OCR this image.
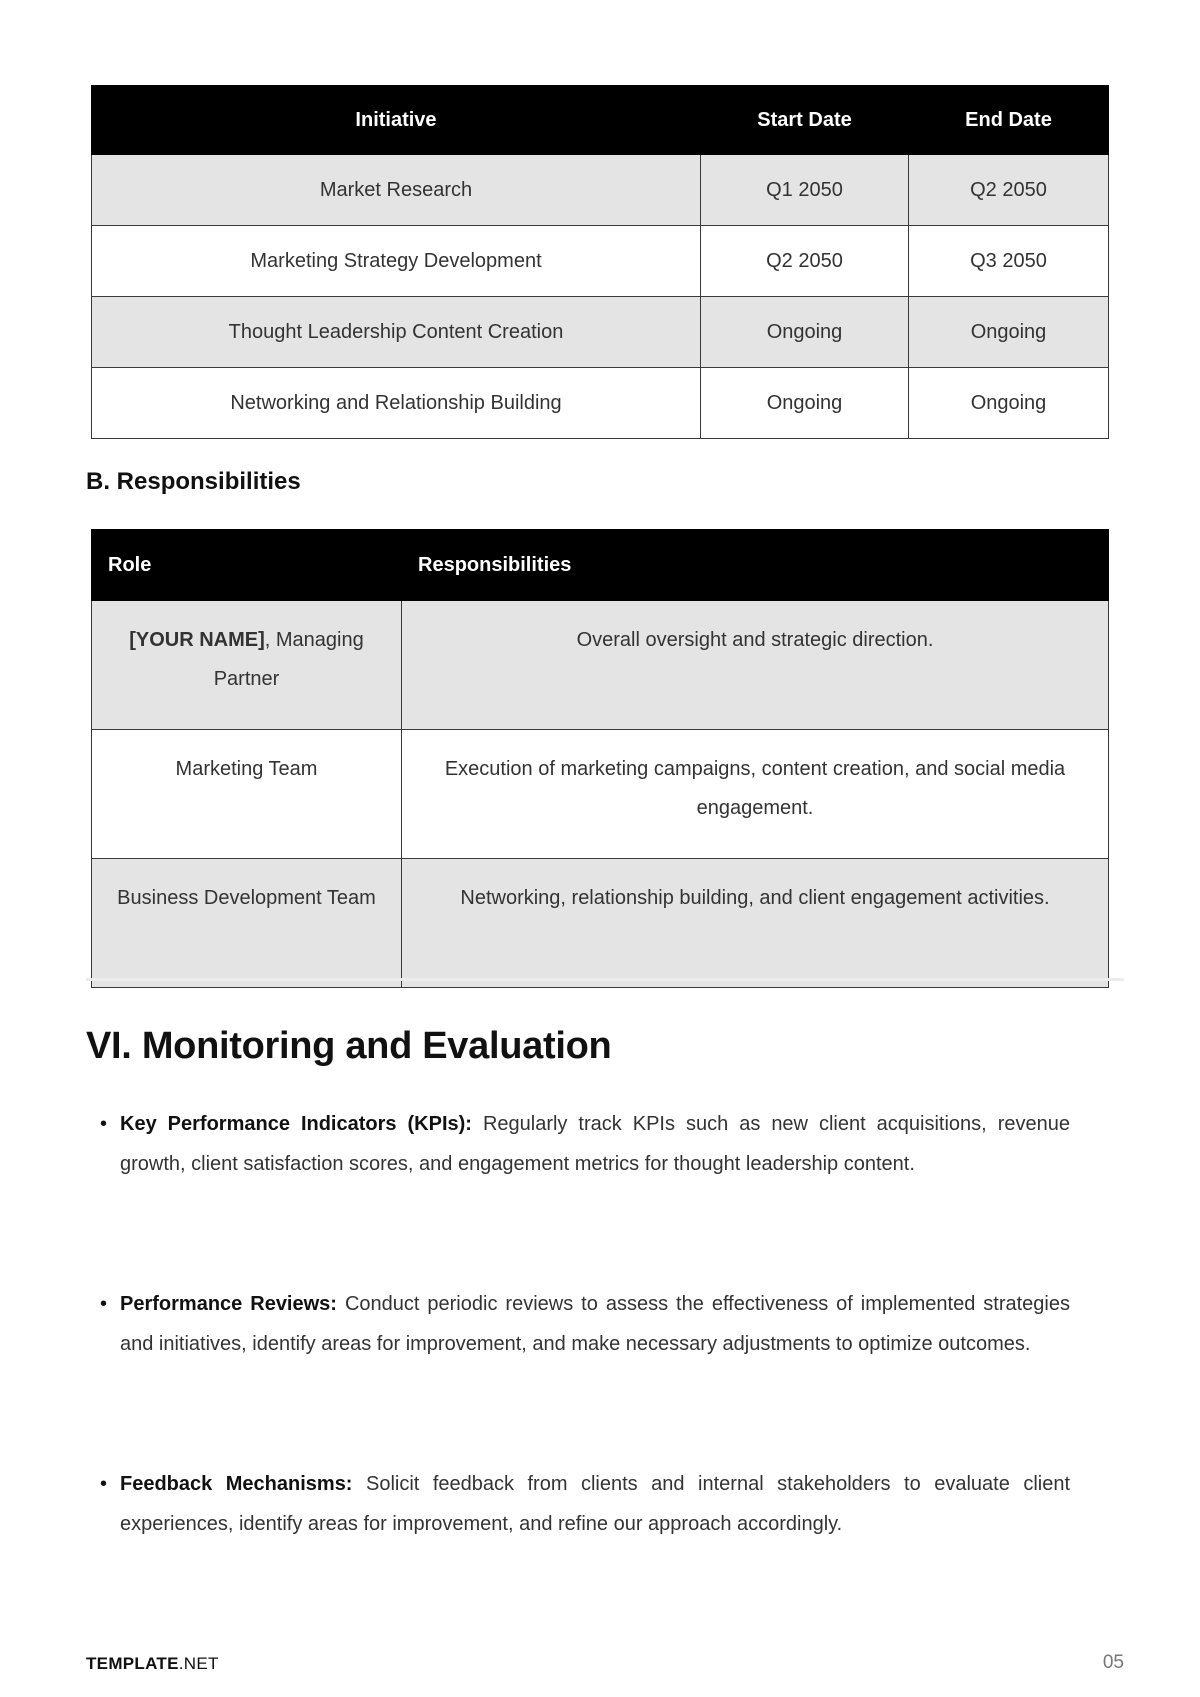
Initiative	Start Date	End Date
Market Research	Q1 2050	Q2 2050
Marketing Strategy Development	Q2 2050	Q3 2050
Thought Leadership Content Creation	Ongoing	Ongoing
Networking and Relationship Building	Ongoing	Ongoing
B. Responsibilities
Role	Responsibilities
[YOUR NAME], Managing Partner	Overall oversight and strategic direction.
Marketing Team	Execution of marketing campaigns, content creation, and social media engagement.
Business Development Team	Networking, relationship building, and client engagement activities.
VI. Monitoring and Evaluation
• Key Performance Indicators (KPIs): Regularly track KPIs such as new client acquisitions, revenue growth, client satisfaction scores, and engagement metrics for thought leadership content.
• Performance Reviews: Conduct periodic reviews to assess the effectiveness of implemented strategies and initiatives, identify areas for improvement, and make necessary adjustments to optimize outcomes.
• Feedback Mechanisms: Solicit feedback from clients and internal stakeholders to evaluate client experiences, identify areas for improvement, and refine our approach accordingly.
TEMPLATE.NET	05
